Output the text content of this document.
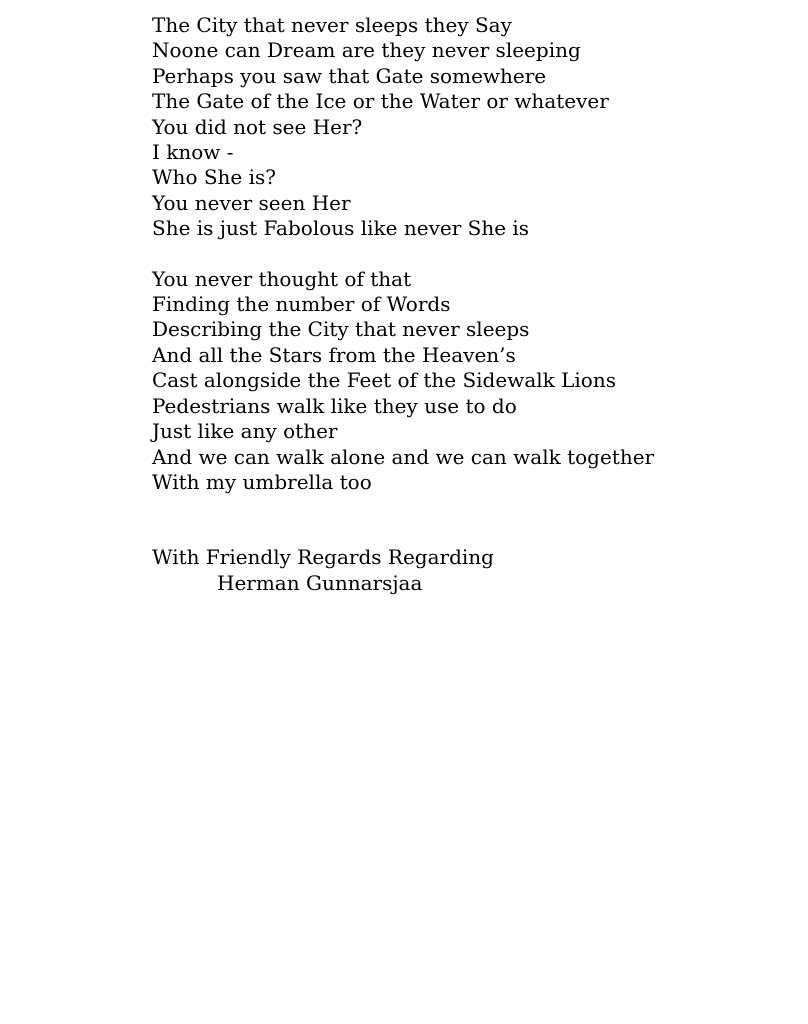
The City that never sleeps they Say
Noone can Dream are they never sleeping
Perhaps you saw that Gate somewhere
The Gate of the Ice or the Water or whatever
You did not see Her?
I know -
Who She is?
You never seen Her
She is just Fabolous like never She is
You never thought of that
Finding the number of Words
Describing the City that never sleeps
And all the Stars from the Heaven’s
Cast alongside the Feet of the Sidewalk Lions
Pedestrians walk like they use to do
Just like any other
And we can walk alone and we can walk together
With my umbrella too
With Friendly Regards Regarding
Herman Gunnarsjaa
